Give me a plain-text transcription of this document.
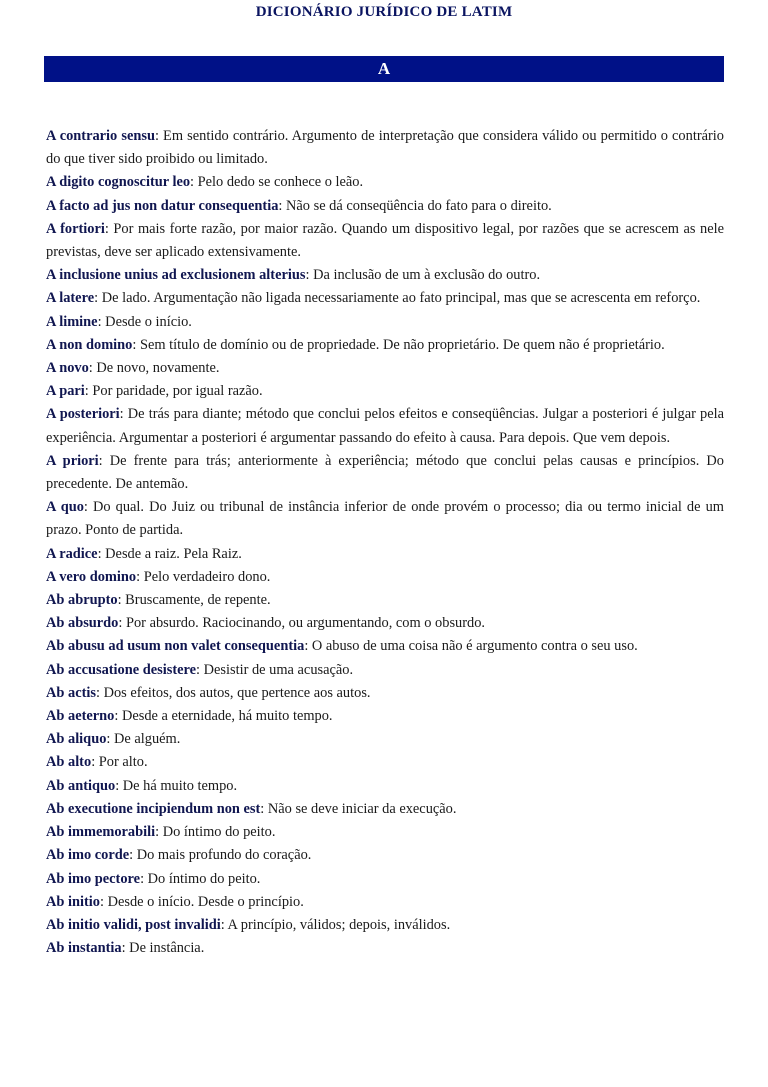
DICIONÁRIO JURÍDICO DE LATIM
A

A contrario sensu: Em sentido contrário. Argumento de interpretação que considera válido ou permitido o contrário do que tiver sido proibido ou limitado.

A digito cognoscitur leo: Pelo dedo se conhece o leão.

A facto ad jus non datur consequentia: Não se dá conseqüência do fato para o direito.

A fortiori: Por mais forte razão, por maior razão. Quando um dispositivo legal, por razões que se acrescem as nele previstas, deve ser aplicado extensivamente.

A inclusione unius ad exclusionem alterius: Da inclusão de um à exclusão do outro.

A latere: De lado. Argumentação não ligada necessariamente ao fato principal, mas que se acrescenta em reforço.

A limine: Desde o início.

A non domino: Sem título de domínio ou de propriedade. De não proprietário. De quem não é proprietário.

A novo: De novo, novamente.

A pari: Por paridade, por igual razão.

A posteriori: De trás para diante; método que conclui pelos efeitos e conseqüências. Julgar a posteriori é julgar pela experiência. Argumentar a posteriori é argumentar passando do efeito à causa. Para depois. Que vem depois.

A priori: De frente para trás; anteriormente à experiência; método que conclui pelas causas e princípios. Do precedente. De antemão.

A quo: Do qual. Do Juiz ou tribunal de instância inferior de onde provém o processo; dia ou termo inicial de um prazo. Ponto de partida.

A radice: Desde a raiz. Pela Raiz.

A vero domino: Pelo verdadeiro dono.

Ab abrupto: Bruscamente, de repente.

Ab absurdo: Por absurdo. Raciocinando, ou argumentando, com o obsurdo.

Ab abusu ad usum non valet consequentia: O abuso de uma coisa não é argumento contra o seu uso.

Ab accusatione desistere: Desistir de uma acusação.

Ab actis: Dos efeitos, dos autos, que pertence aos autos.

Ab aeterno: Desde a eternidade, há muito tempo.

Ab aliquo: De alguém.

Ab alto: Por alto.

Ab antiquo: De há muito tempo.

Ab executione incipiendum non est: Não se deve iniciar da execução.

Ab immemorabili: Do íntimo do peito.

Ab imo corde: Do mais profundo do coração.

Ab imo pectore: Do íntimo do peito.

Ab initio: Desde o início. Desde o princípio.

Ab initio validi, post invalidi: A princípio, válidos; depois, inválidos.

Ab instantia: De instância.
